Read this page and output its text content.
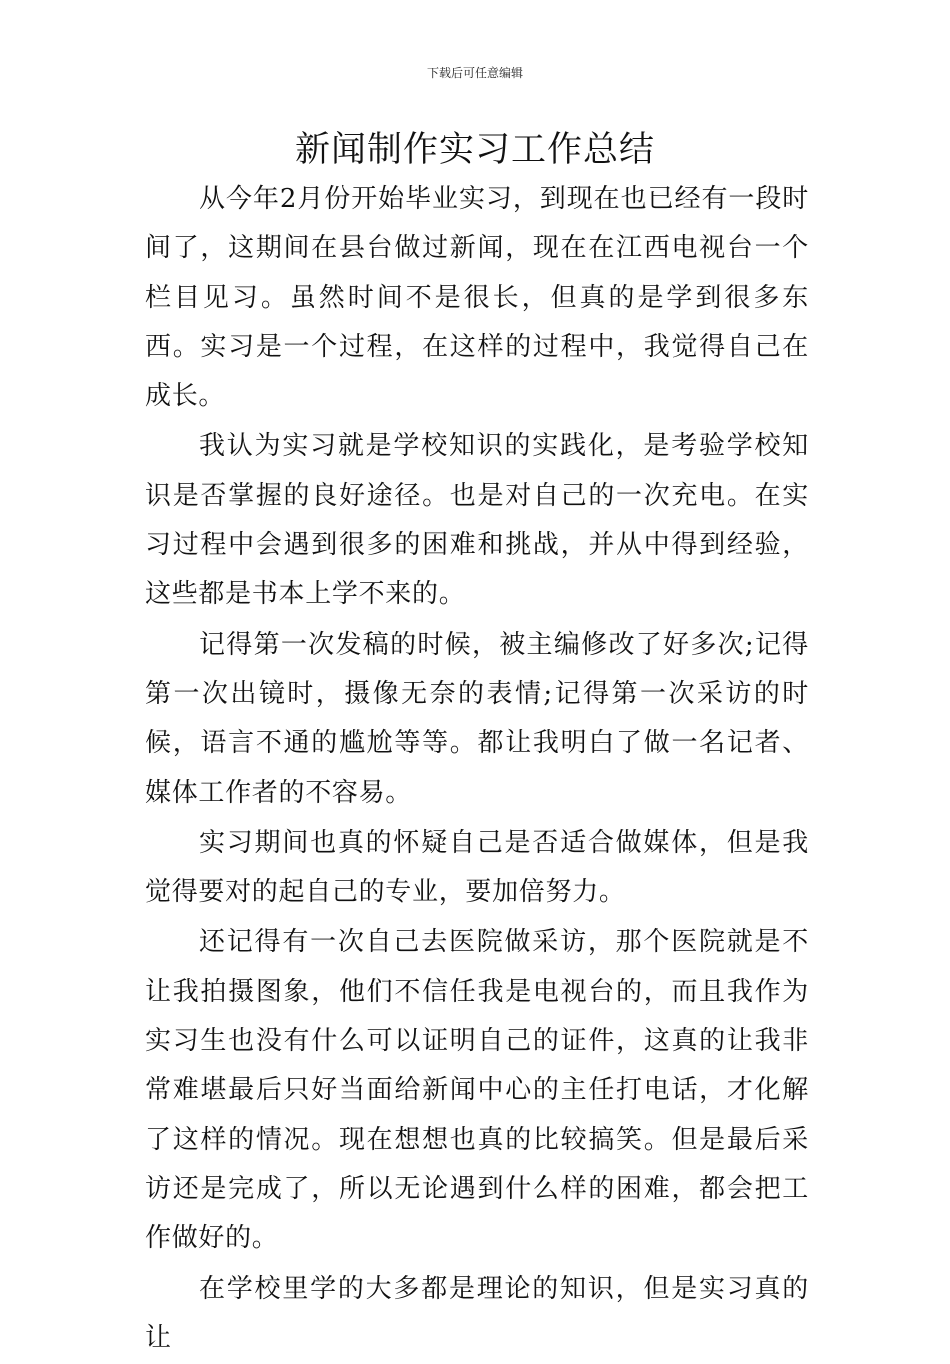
下载后可任意编辑
新闻制作实习工作总结

从今年2月份开始毕业实习，到现在也已经有一段时间了，这期间在县台做过新闻，现在在江西电视台一个栏目见习。虽然时间不是很长，但真的是学到很多东西。实习是一个过程，在这样的过程中，我觉得自己在成长。

我认为实习就是学校知识的实践化，是考验学校知识是否掌握的良好途径。也是对自己的一次充电。在实习过程中会遇到很多的困难和挑战，并从中得到经验，这些都是书本上学不来的。

记得第一次发稿的时候，被主编修改了好多次;记得第一次出镜时，摄像无奈的表情;记得第一次采访的时候，语言不通的尴尬等等。都让我明白了做一名记者、媒体工作者的不容易。

实习期间也真的怀疑自己是否适合做媒体，但是我觉得要对的起自己的专业，要加倍努力。

还记得有一次自己去医院做采访，那个医院就是不让我拍摄图象，他们不信任我是电视台的，而且我作为实习生也没有什么可以证明自己的证件，这真的让我非常难堪最后只好当面给新闻中心的主任打电话，才化解了这样的情况。现在想想也真的比较搞笑。但是最后采访还是完成了，所以无论遇到什么样的困难，都会把工作做好的。

在学校里学的大多都是理论的知识，但是实习真的让
